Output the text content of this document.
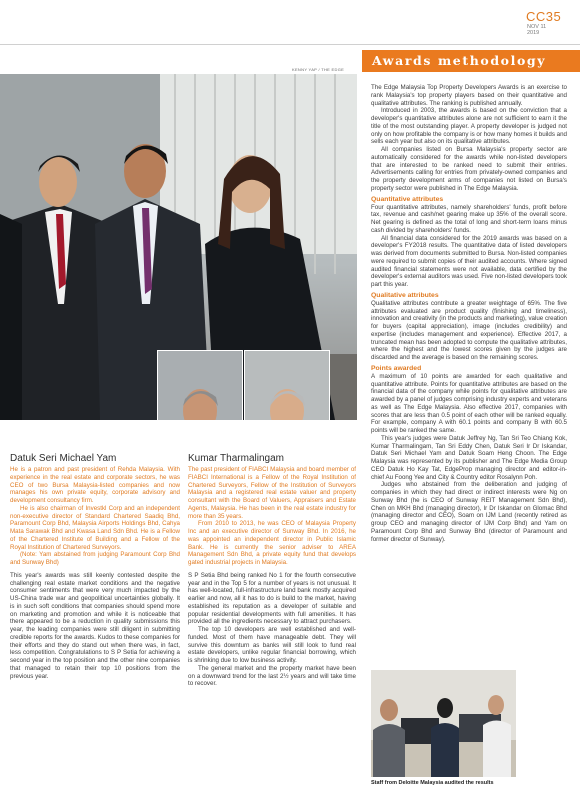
CC35
NOV 11
2019
Awards methodology
KENNY YAP / THE EDGE
Datuk Seri Michael Yam

He is a patron and past president of Rehda Malaysia. With experience in the real estate and corporate sectors, he was CEO of two Bursa Malaysia-listed companies and now manages his own private equity, corporate advisory and development consultancy firm.

He is also chairman of Investkl Corp and an independent non-executive director of Standard Chartered Saadiq Bhd, Paramount Corp Bhd, Malaysia Airports Holdings Bhd, Cahya Mata Sarawak Bhd and Kwasa Land Sdn Bhd. He is a Fellow of the Chartered Institute of Building and a Fellow of the Royal Institution of Chartered Surveyors.

(Note: Yam abstained from judging Paramount Corp Bhd and Sunway Bhd)

This year's awards was still keenly contested despite the challenging real estate market conditions and the negative consumer sentiments that were very much impacted by the US-China trade war and geopolitical uncertainties globally. It is in such soft conditions that companies should spend more on marketing and promotion and while it is noticeable that there appeared to be a reduction in quality submissions this year, the leading companies were still diligent in submitting credible reports for the awards. Kudos to these companies for their efforts and they do stand out when there was, in fact, less competition. Congratulations to S P Setia for achieving a second year in the top position and the other nine companies that managed to retain their top 10 positions from the previous year.

Kumar Tharmalingam

The past president of FIABCI Malaysia and board member of FIABCI International is a Fellow of the Royal Institution of Chartered Surveyors, Fellow of the Institution of Surveyors Malaysia and a registered real estate valuer and property consultant with the Board of Valuers, Appraisers and Estate Agents, Malaysia. He has been in the real estate industry for more than 35 years.

From 2010 to 2013, he was CEO of Malaysia Property Inc and an executive director of Sunway Bhd. In 2016, he was appointed an independent director in Public Islamic Bank. He is currently the senior adviser to AREA Management Sdn Bhd, a private equity fund that develops gated industrial projects in Malaysia.

S P Setia Bhd being ranked No 1 for the fourth consecutive year and in the Top 5 for a number of years is not unusual. It has well-located, full-infrastructure land bank mostly acquired earlier and now, all it has to do is build to the market, having established its reputation as a developer of suitable and popular residential developments with full amenities. It has provided all the ingredients necessary to attract purchasers.

The top 10 developers are well established and well-funded. Most of them have manageable debt. They will survive this downturn as banks will still look to fund real estate developers, unlike regular financial borrowing, which is shrinking due to low business activity.

The general market and the property market have been on a downward trend for the last 2½ years and will take time to recover.

The Edge Malaysia Top Property Developers Awards is an exercise to rank Malaysia's top property players based on their quantitative and qualitative attributes. The ranking is published annually.

Introduced in 2003, the awards is based on the conviction that a developer's quantitative attributes alone are not sufficient to earn it the title of the most outstanding player. A property developer is judged not only on how profitable the company is or how many homes it builds and sells each year but also on its qualitative attributes.

All companies listed on Bursa Malaysia's property sector are automatically considered for the awards while non-listed developers that are interested to be ranked need to submit their entries. Advertisements calling for entries from privately-owned companies and the property development arms of companies not listed on Bursa's property sector were published in The Edge Malaysia.

Quantitative attributes

Four quantitative attributes, namely shareholders' funds, profit before tax, revenue and cash/net gearing make up 35% of the overall score. Net gearing is defined as the total of long and short-term loans minus cash divided by shareholders' funds.

All financial data considered for the 2019 awards was based on a developer's FY2018 results. The quantitative data of listed developers was derived from documents submitted to Bursa. Non-listed companies were required to submit copies of their audited accounts. Where signed audited financial statements were not available, data certified by the developer's external auditors was used. Five non-listed developers took part this year.

Qualitative attributes

Qualitative attributes contribute a greater weightage of 65%. The five attributes evaluated are product quality (finishing and timeliness), innovation and creativity (in the products and marketing), value creation for buyers (capital appreciation), image (includes credibility) and expertise (includes management and experience). Effective 2017, a truncated mean has been adopted to compute the qualitative attributes, where the highest and the lowest scores given by the judges are discarded and the average is based on the remaining scores.

Points awarded

A maximum of 10 points are awarded for each qualitative and quantitative attribute. Points for quantitative attributes are based on the financial data of the company while points for qualitative attributes are awarded by a panel of judges comprising industry experts and veterans as well as The Edge Malaysia. Also effective 2017, companies with scores that are less than 0.5 point of each other will be ranked equally. For example, company A with 60.1 points and company B with 60.5 points will be ranked the same.

This year's judges were Datuk Jeffrey Ng, Tan Sri Teo Chiang Kok, Kumar Tharmalingam, Tan Sri Eddy Chen, Datuk Seri Ir Dr Iskandar, Datuk Seri Michael Yam and Datuk Soam Heng Choon. The Edge Malaysia was represented by its publisher and The Edge Media Group CEO Datuk Ho Kay Tat, EdgeProp managing director and editor-in-chief Au Foong Yee and City & Country editor Rosalynn Poh.

Judges who abstained from the deliberation and judging of companies in which they had direct or indirect interests were Ng on Sunway Bhd (he is CEO of Sunway REIT Management Sdn Bhd), Chen on MKH Bhd (managing director), Ir Dr Iskandar on Glomac Bhd (managing director and CEO), Soam on IJM Land (recently retired as group CEO and managing director of IJM Corp Bhd) and Yam on Paramount Corp Bhd and Sunway Bhd (director of Paramount and former director of Sunway).

Staff from Deloitte Malaysia audited the results
